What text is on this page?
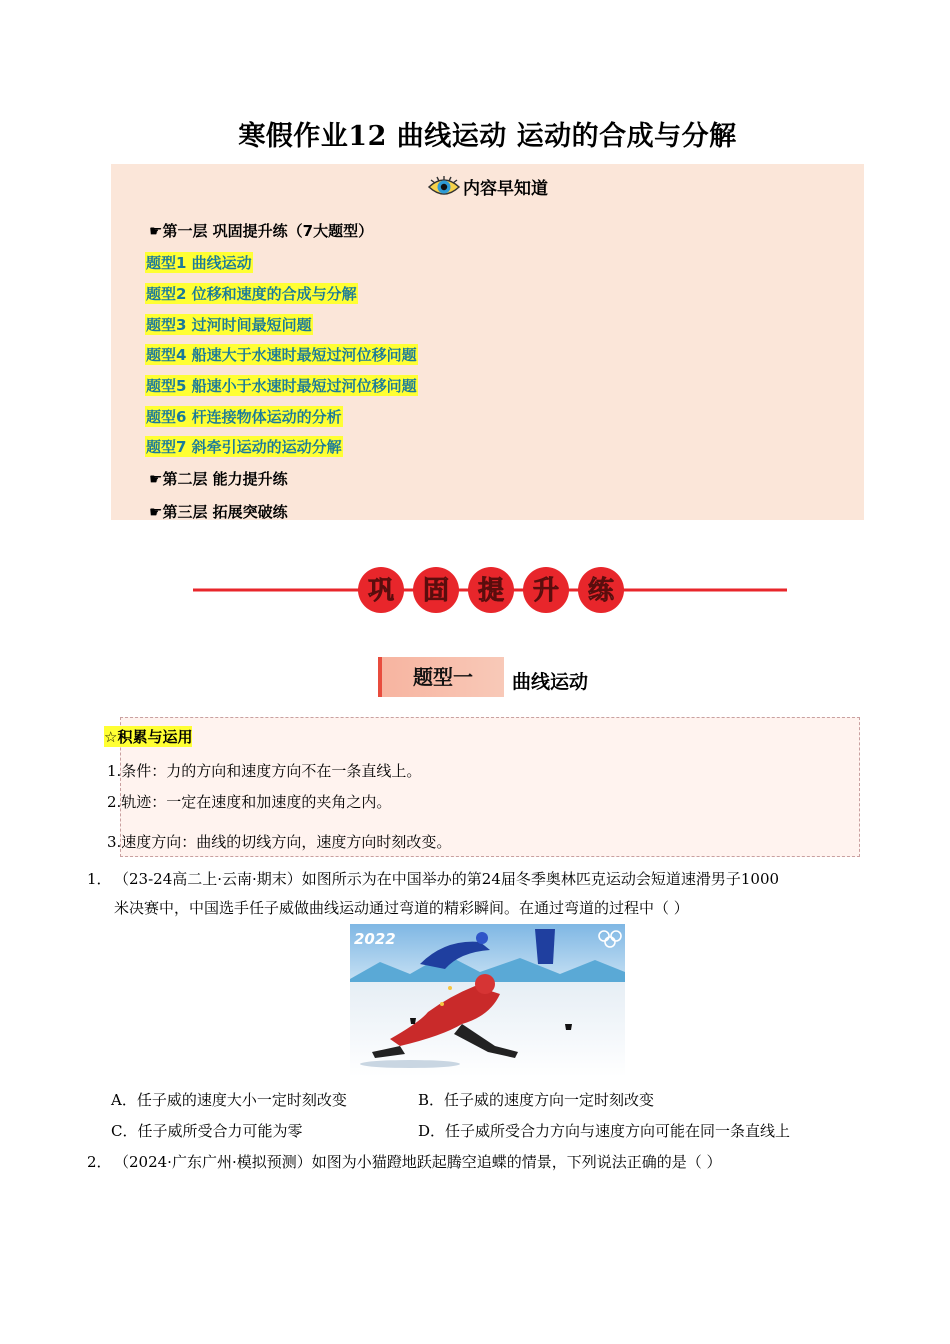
寒假作业12 曲线运动 运动的合成与分解
内容早知道
☛第一层 巩固提升练（7大题型）
题型1 曲线运动
题型2 位移和速度的合成与分解
题型3 过河时间最短问题
题型4 船速大于水速时最短过河位移问题
题型5 船速小于水速时最短过河位移问题
题型6 杆连接物体运动的分析
题型7 斜牵引运动的运动分解
☛第二层 能力提升练
☛第三层 拓展突破练
巩 固 提 升 练
题型一	曲线运动
☆积累与运用
1.条件：力的方向和速度方向不在一条直线上。
2.轨迹：一定在速度和加速度的夹角之内。
3.速度方向：曲线的切线方向，速度方向时刻改变。
1． （23-24高二上·云南·期末）如图所示为在中国举办的第24届冬季奥林匹克运动会短道速滑男子1000
米决赛中，中国选手任子威做曲线运动通过弯道的精彩瞬间。在通过弯道的过程中（ ）
2022
A．任子威的速度大小一定时刻改变	B．任子威的速度方向一定时刻改变
C．任子威所受合力可能为零	D．任子威所受合力方向与速度方向可能在同一条直线上
2． （2024·广东广州·模拟预测）如图为小猫蹬地跃起腾空追蝶的情景，下列说法正确的是（ ）
